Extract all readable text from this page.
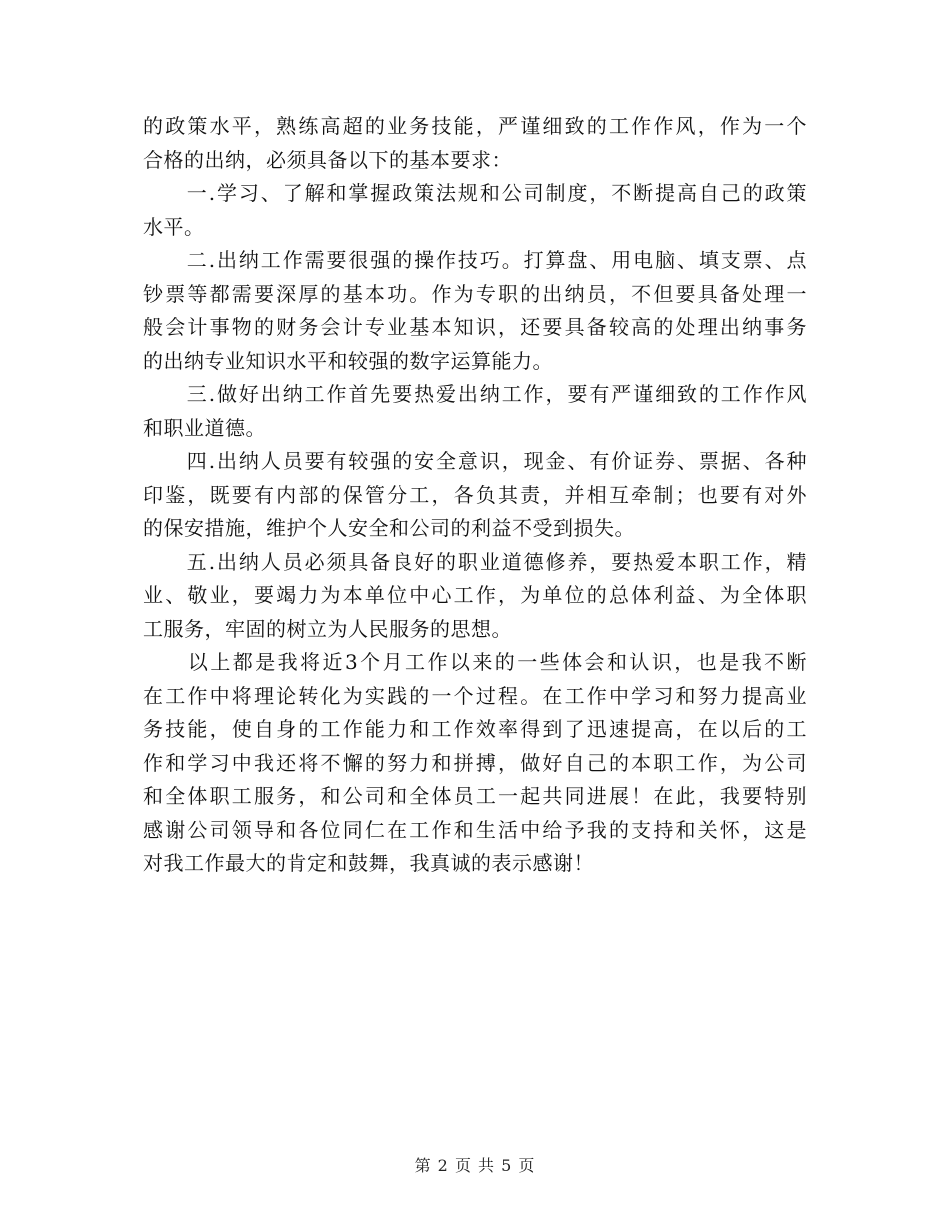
的政策水平，熟练高超的业务技能，严谨细致的工作作风，作为一个
合格的出纳，必须具备以下的基本要求：
　　一.学习、了解和掌握政策法规和公司制度，不断提高自己的政策
水平。
　　二.出纳工作需要很强的操作技巧。打算盘、用电脑、填支票、点
钞票等都需要深厚的基本功。作为专职的出纳员，不但要具备处理一
般会计事物的财务会计专业基本知识，还要具备较高的处理出纳事务
的出纳专业知识水平和较强的数字运算能力。
　　三.做好出纳工作首先要热爱出纳工作，要有严谨细致的工作作风
和职业道德。
　　四.出纳人员要有较强的安全意识，现金、有价证券、票据、各种
印鉴，既要有内部的保管分工，各负其责，并相互牵制；也要有对外
的保安措施，维护个人安全和公司的利益不受到损失。
　　五.出纳人员必须具备良好的职业道德修养，要热爱本职工作，精
业、敬业，要竭力为本单位中心工作，为单位的总体利益、为全体职
工服务，牢固的树立为人民服务的思想。
　　以上都是我将近3个月工作以来的一些体会和认识，也是我不断
在工作中将理论转化为实践的一个过程。在工作中学习和努力提高业
务技能，使自身的工作能力和工作效率得到了迅速提高，在以后的工
作和学习中我还将不懈的努力和拼搏，做好自己的本职工作，为公司
和全体职工服务，和公司和全体员工一起共同进展！在此，我要特别
感谢公司领导和各位同仁在工作和生活中给予我的支持和关怀，这是
对我工作最大的肯定和鼓舞，我真诚的表示感谢！
第 2 页 共 5 页
